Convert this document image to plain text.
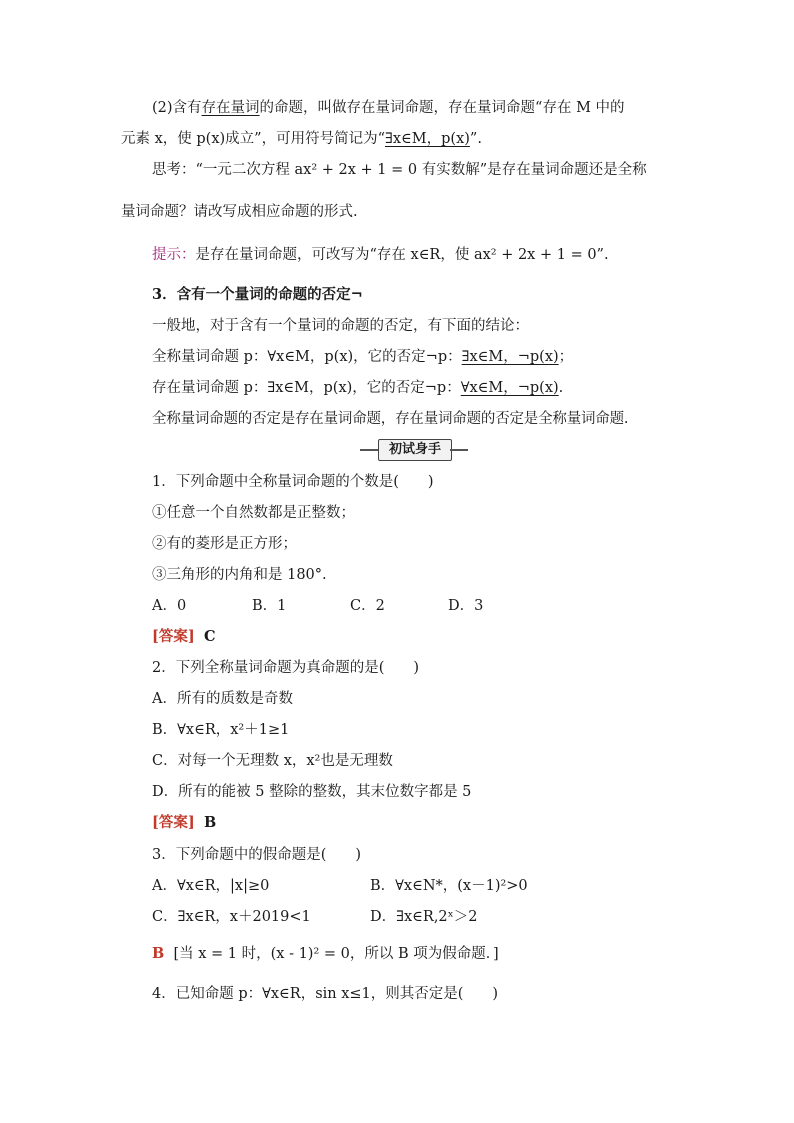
(2)含有存在量词的命题，叫做存在量词命题，存在量词命题“存在 M 中的
元素 x，使 p(x)成立”，可用符号简记为“∃x∈M，p(x)”.
思考：“一元二次方程 ax² + 2x + 1 = 0 有实数解”是存在量词命题还是全称
量词命题？请改写成相应命题的形式.
提示：是存在量词命题，可改写为“存在 x∈R，使 ax² + 2x + 1 = 0”.
3．含有一个量词的命题的否定¬
一般地，对于含有一个量词的命题的否定，有下面的结论：
全称量词命题 p：∀x∈M，p(x)，它的否定¬p：∃x∈M，¬p(x)；
存在量词命题 p：∃x∈M，p(x)，它的否定¬p：∀x∈M，¬p(x).
全称量词命题的否定是存在量词命题，存在量词命题的否定是全称量词命题.
初试身手
1．下列命题中全称量词命题的个数是(　　)
①任意一个自然数都是正整数；
②有的菱形是正方形；
③三角形的内角和是 180°.
A．0	B．1	C．2	D．3
[答案] C
2．下列全称量词命题为真命题的是(　　)
A．所有的质数是奇数
B．∀x∈R，x²＋1≥1
C．对每一个无理数 x，x²也是无理数
D．所有的能被 5 整除的整数，其末位数字都是 5
[答案] B
3．下列命题中的假命题是(　　)
A．∀x∈R，|x|≥0	B．∀x∈N*，(x－1)²>0
C．∃x∈R，x＋2019<1	D．∃x∈R,2ˣ＞2
B [当 x = 1 时，(x - 1)² = 0，所以 B 项为假命题．]
4．已知命题 p：∀x∈R，sin x≤1，则其否定是(　　)
